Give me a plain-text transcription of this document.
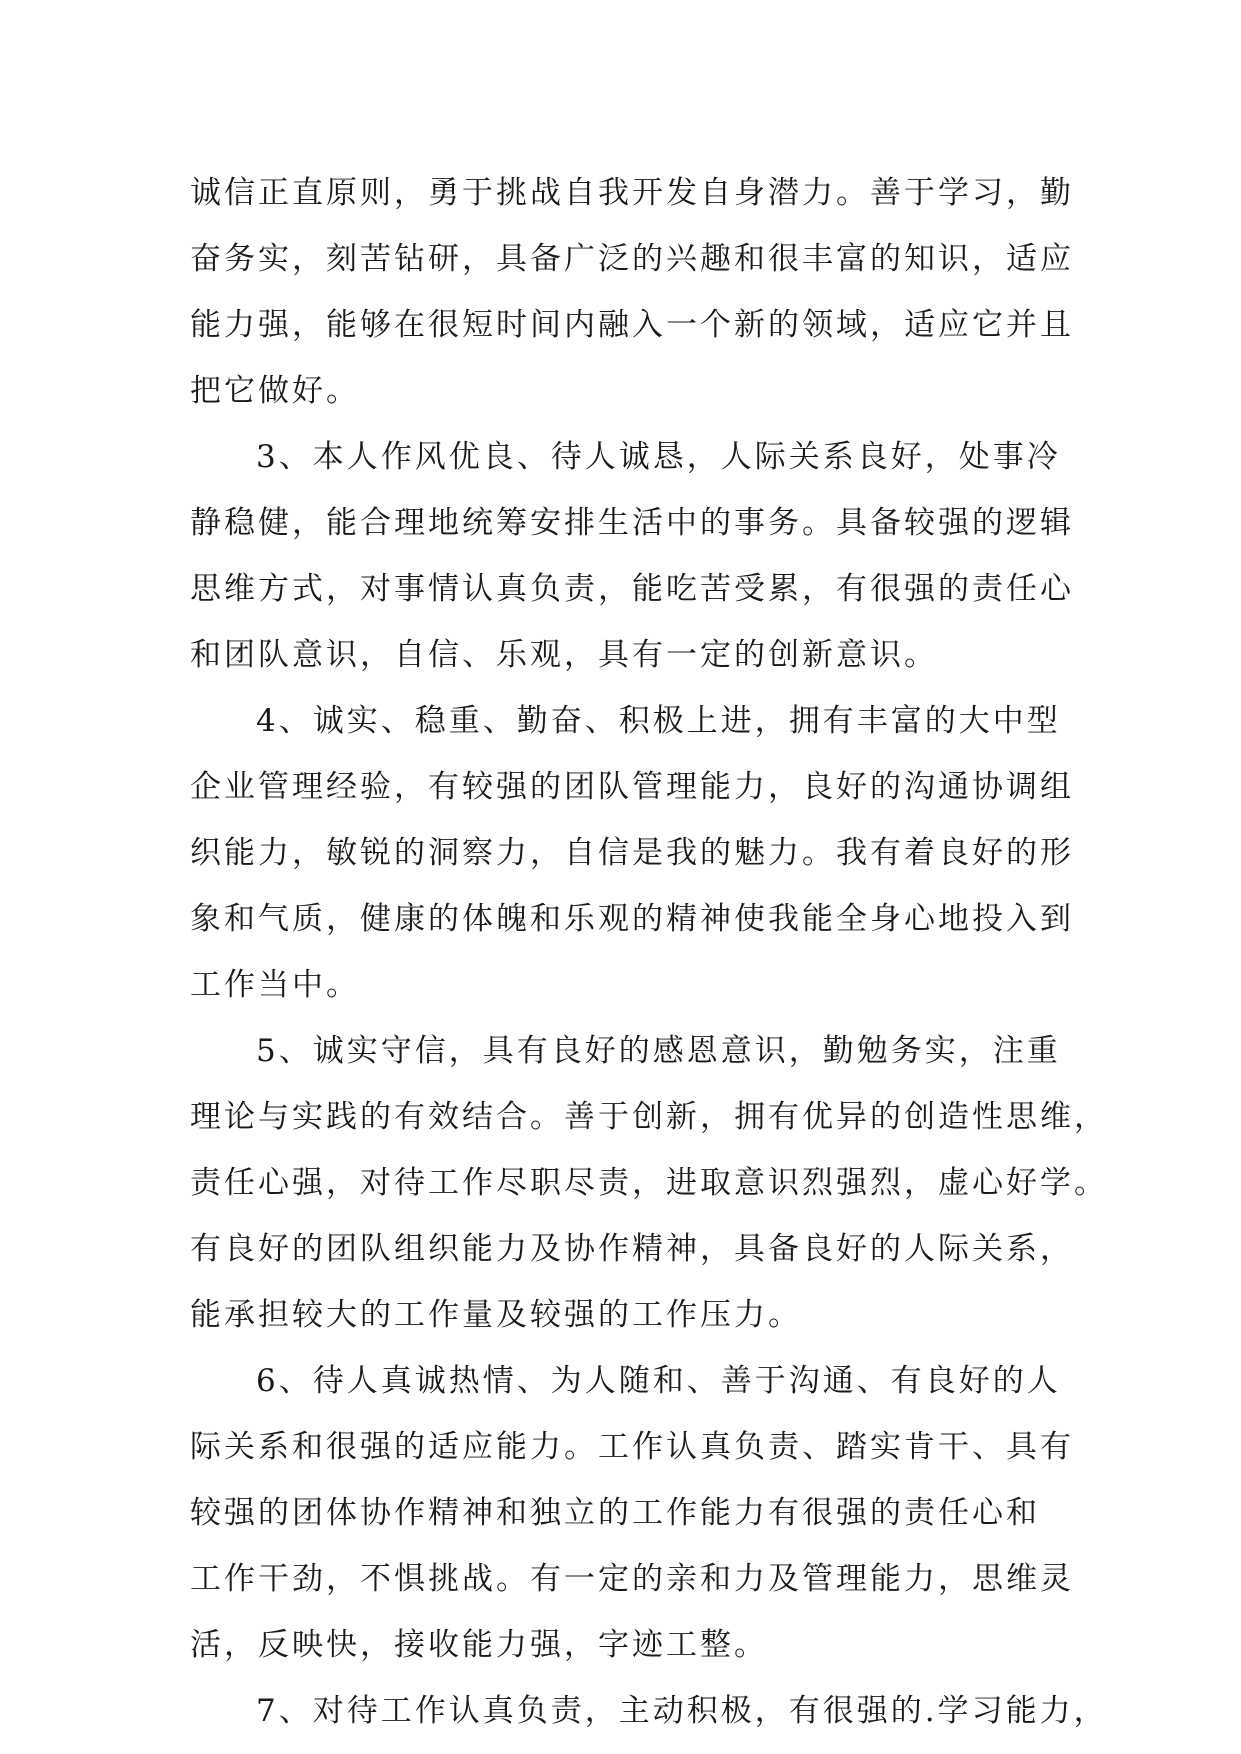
诚信正直原则，勇于挑战自我开发自身潜力。善于学习，勤
奋务实，刻苦钻研，具备广泛的兴趣和很丰富的知识，适应
能力强，能够在很短时间内融入一个新的领域，适应它并且
把它做好。
3、本人作风优良、待人诚恳，人际关系良好，处事冷
静稳健，能合理地统筹安排生活中的事务。具备较强的逻辑
思维方式，对事情认真负责，能吃苦受累，有很强的责任心
和团队意识，自信、乐观，具有一定的创新意识。
4、诚实、稳重、勤奋、积极上进，拥有丰富的大中型
企业管理经验，有较强的团队管理能力，良好的沟通协调组
织能力，敏锐的洞察力，自信是我的魅力。我有着良好的形
象和气质，健康的体魄和乐观的精神使我能全身心地投入到
工作当中。
5、诚实守信，具有良好的感恩意识，勤勉务实，注重
理论与实践的有效结合。善于创新，拥有优异的创造性思维，
责任心强，对待工作尽职尽责，进取意识烈强烈，虚心好学。
有良好的团队组织能力及协作精神，具备良好的人际关系，
能承担较大的工作量及较强的工作压力。
6、待人真诚热情、为人随和、善于沟通、有良好的人
际关系和很强的适应能力。工作认真负责、踏实肯干、具有
较强的团体协作精神和独立的工作能力有很强的责任心和
工作干劲，不惧挑战。有一定的亲和力及管理能力，思维灵
活，反映快，接收能力强，字迹工整。
7、对待工作认真负责，主动积极，有很强的.学习能力，
